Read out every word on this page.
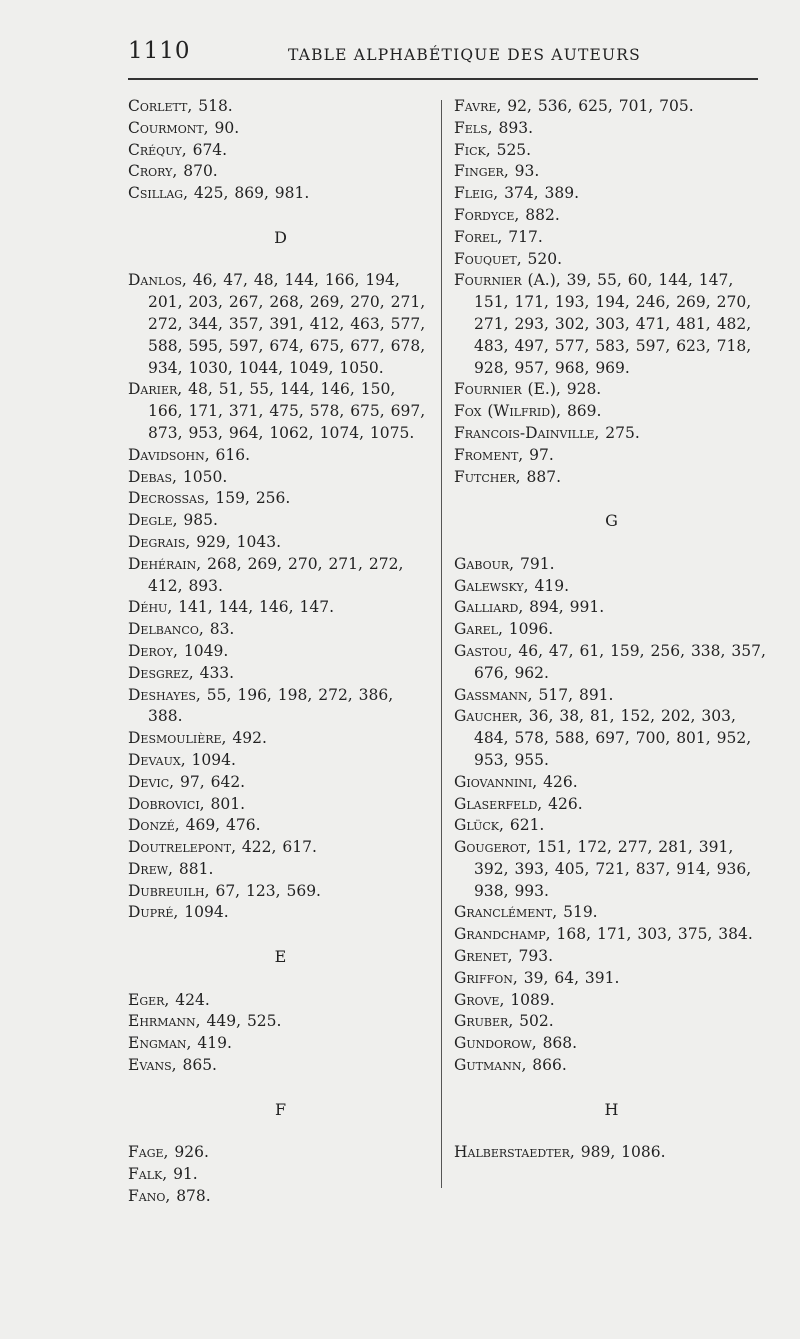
1110	TABLE ALPHABÉTIQUE DES AUTEURS
Corlett, 518.
Courmont, 90.
Créquy, 674.
Crory, 870.
Csillag, 425, 869, 981.
D
Danlos, 46, 47, 48, 144, 166, 194, 201, 203, 267, 268, 269, 270, 271, 272, 344, 357, 391, 412, 463, 577, 588, 595, 597, 674, 675, 677, 678, 934, 1030, 1044, 1049, 1050.
Darier, 48, 51, 55, 144, 146, 150, 166, 171, 371, 475, 578, 675, 697, 873, 953, 964, 1062, 1074, 1075.
Davidsohn, 616.
Debas, 1050.
Decrossas, 159, 256.
Degle, 985.
Degrais, 929, 1043.
Dehérain, 268, 269, 270, 271, 272, 412, 893.
Déhu, 141, 144, 146, 147.
Delbanco, 83.
Deroy, 1049.
Desgrez, 433.
Deshayes, 55, 196, 198, 272, 386, 388.
Desmoulière, 492.
Devaux, 1094.
Devic, 97, 642.
Dobrovici, 801.
Donzé, 469, 476.
Doutrelepont, 422, 617.
Drew, 881.
Dubreuilh, 67, 123, 569.
Dupré, 1094.
E
Eger, 424.
Ehrmann, 449, 525.
Engman, 419.
Evans, 865.
F
Fage, 926.
Falk, 91.
Fano, 878.
Favre, 92, 536, 625, 701, 705.
Fels, 893.
Fick, 525.
Finger, 93.
Fleig, 374, 389.
Fordyce, 882.
Forel, 717.
Fouquet, 520.
Fournier (A.), 39, 55, 60, 144, 147, 151, 171, 193, 194, 246, 269, 270, 271, 293, 302, 303, 471, 481, 482, 483, 497, 577, 583, 597, 623, 718, 928, 957, 968, 969.
Fournier (E.), 928.
Fox (Wilfrid), 869.
Francois-Dainville, 275.
Froment, 97.
Futcher, 887.
G
Gabour, 791.
Galewsky, 419.
Galliard, 894, 991.
Garel, 1096.
Gastou, 46, 47, 61, 159, 256, 338, 357, 676, 962.
Gassmann, 517, 891.
Gaucher, 36, 38, 81, 152, 202, 303, 484, 578, 588, 697, 700, 801, 952, 953, 955.
Giovannini, 426.
Glaserfeld, 426.
Glück, 621.
Gougerot, 151, 172, 277, 281, 391, 392, 393, 405, 721, 837, 914, 936, 938, 993.
Granclément, 519.
Grandchamp, 168, 171, 303, 375, 384.
Grenet, 793.
Griffon, 39, 64, 391.
Grove, 1089.
Gruber, 502.
Gundorow, 868.
Gutmann, 866.
H
Halberstaedter, 989, 1086.
